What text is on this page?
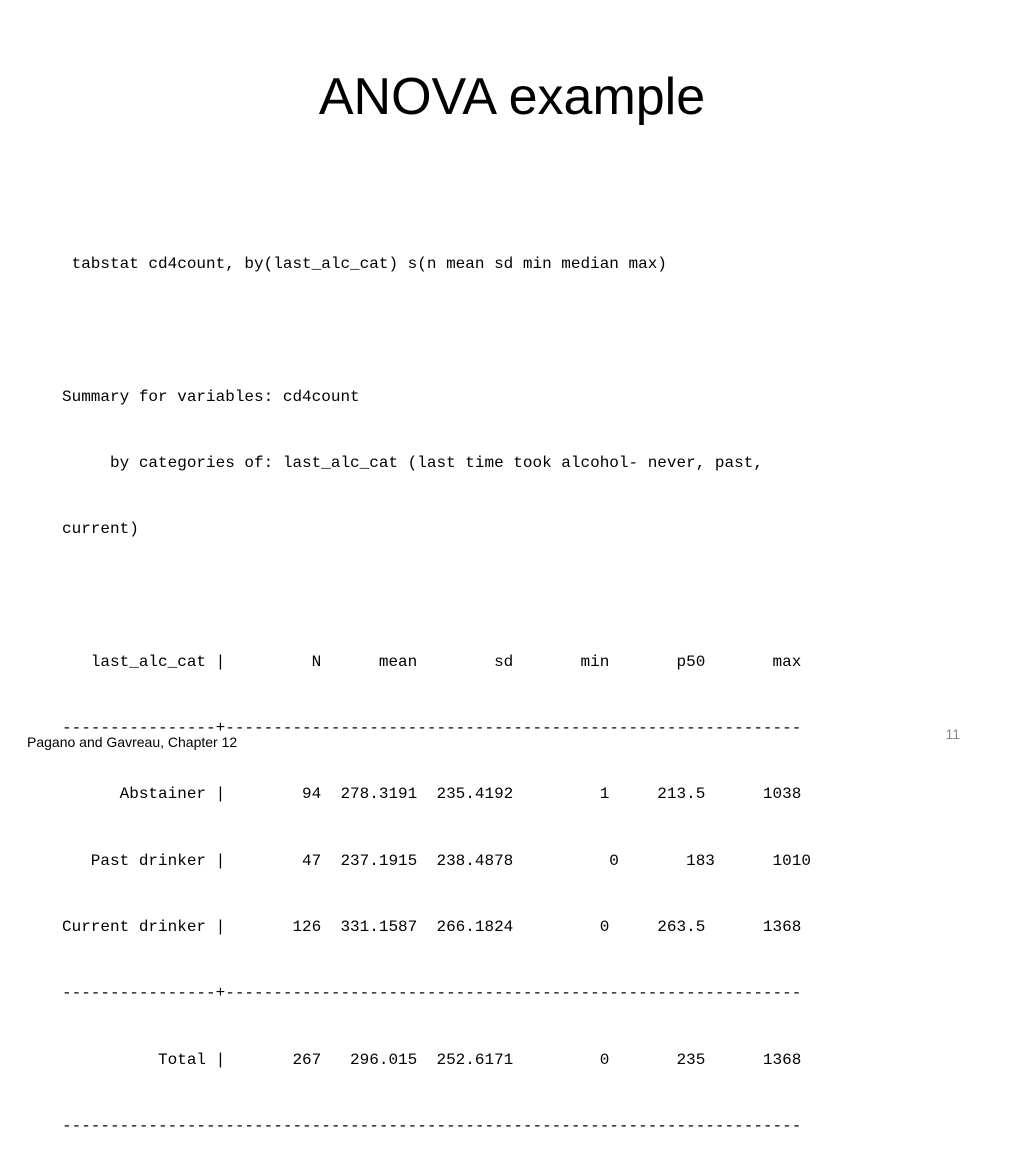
ANOVA example

tabstat cd4count, by(last_alc_cat) s(n mean sd min median max)

Summary for variables: cd4count

by categories of: last_alc_cat (last time took alcohol- never, past,

current)

last_alc_cat |         N      mean        sd       min       p50       max

----------------+------------------------------------------------------------

Abstainer |        94  278.3191  235.4192         1     213.5      1038

Past drinker |        47  237.1915  238.4878          0       183      1010

Current drinker |       126  331.1587  266.1824         0     263.5      1368

----------------+------------------------------------------------------------

Total |       267   296.015  252.6171         0       235      1368

-----------------------------------------------------------------------------

Pagano and Gavreau, Chapter 12	11
